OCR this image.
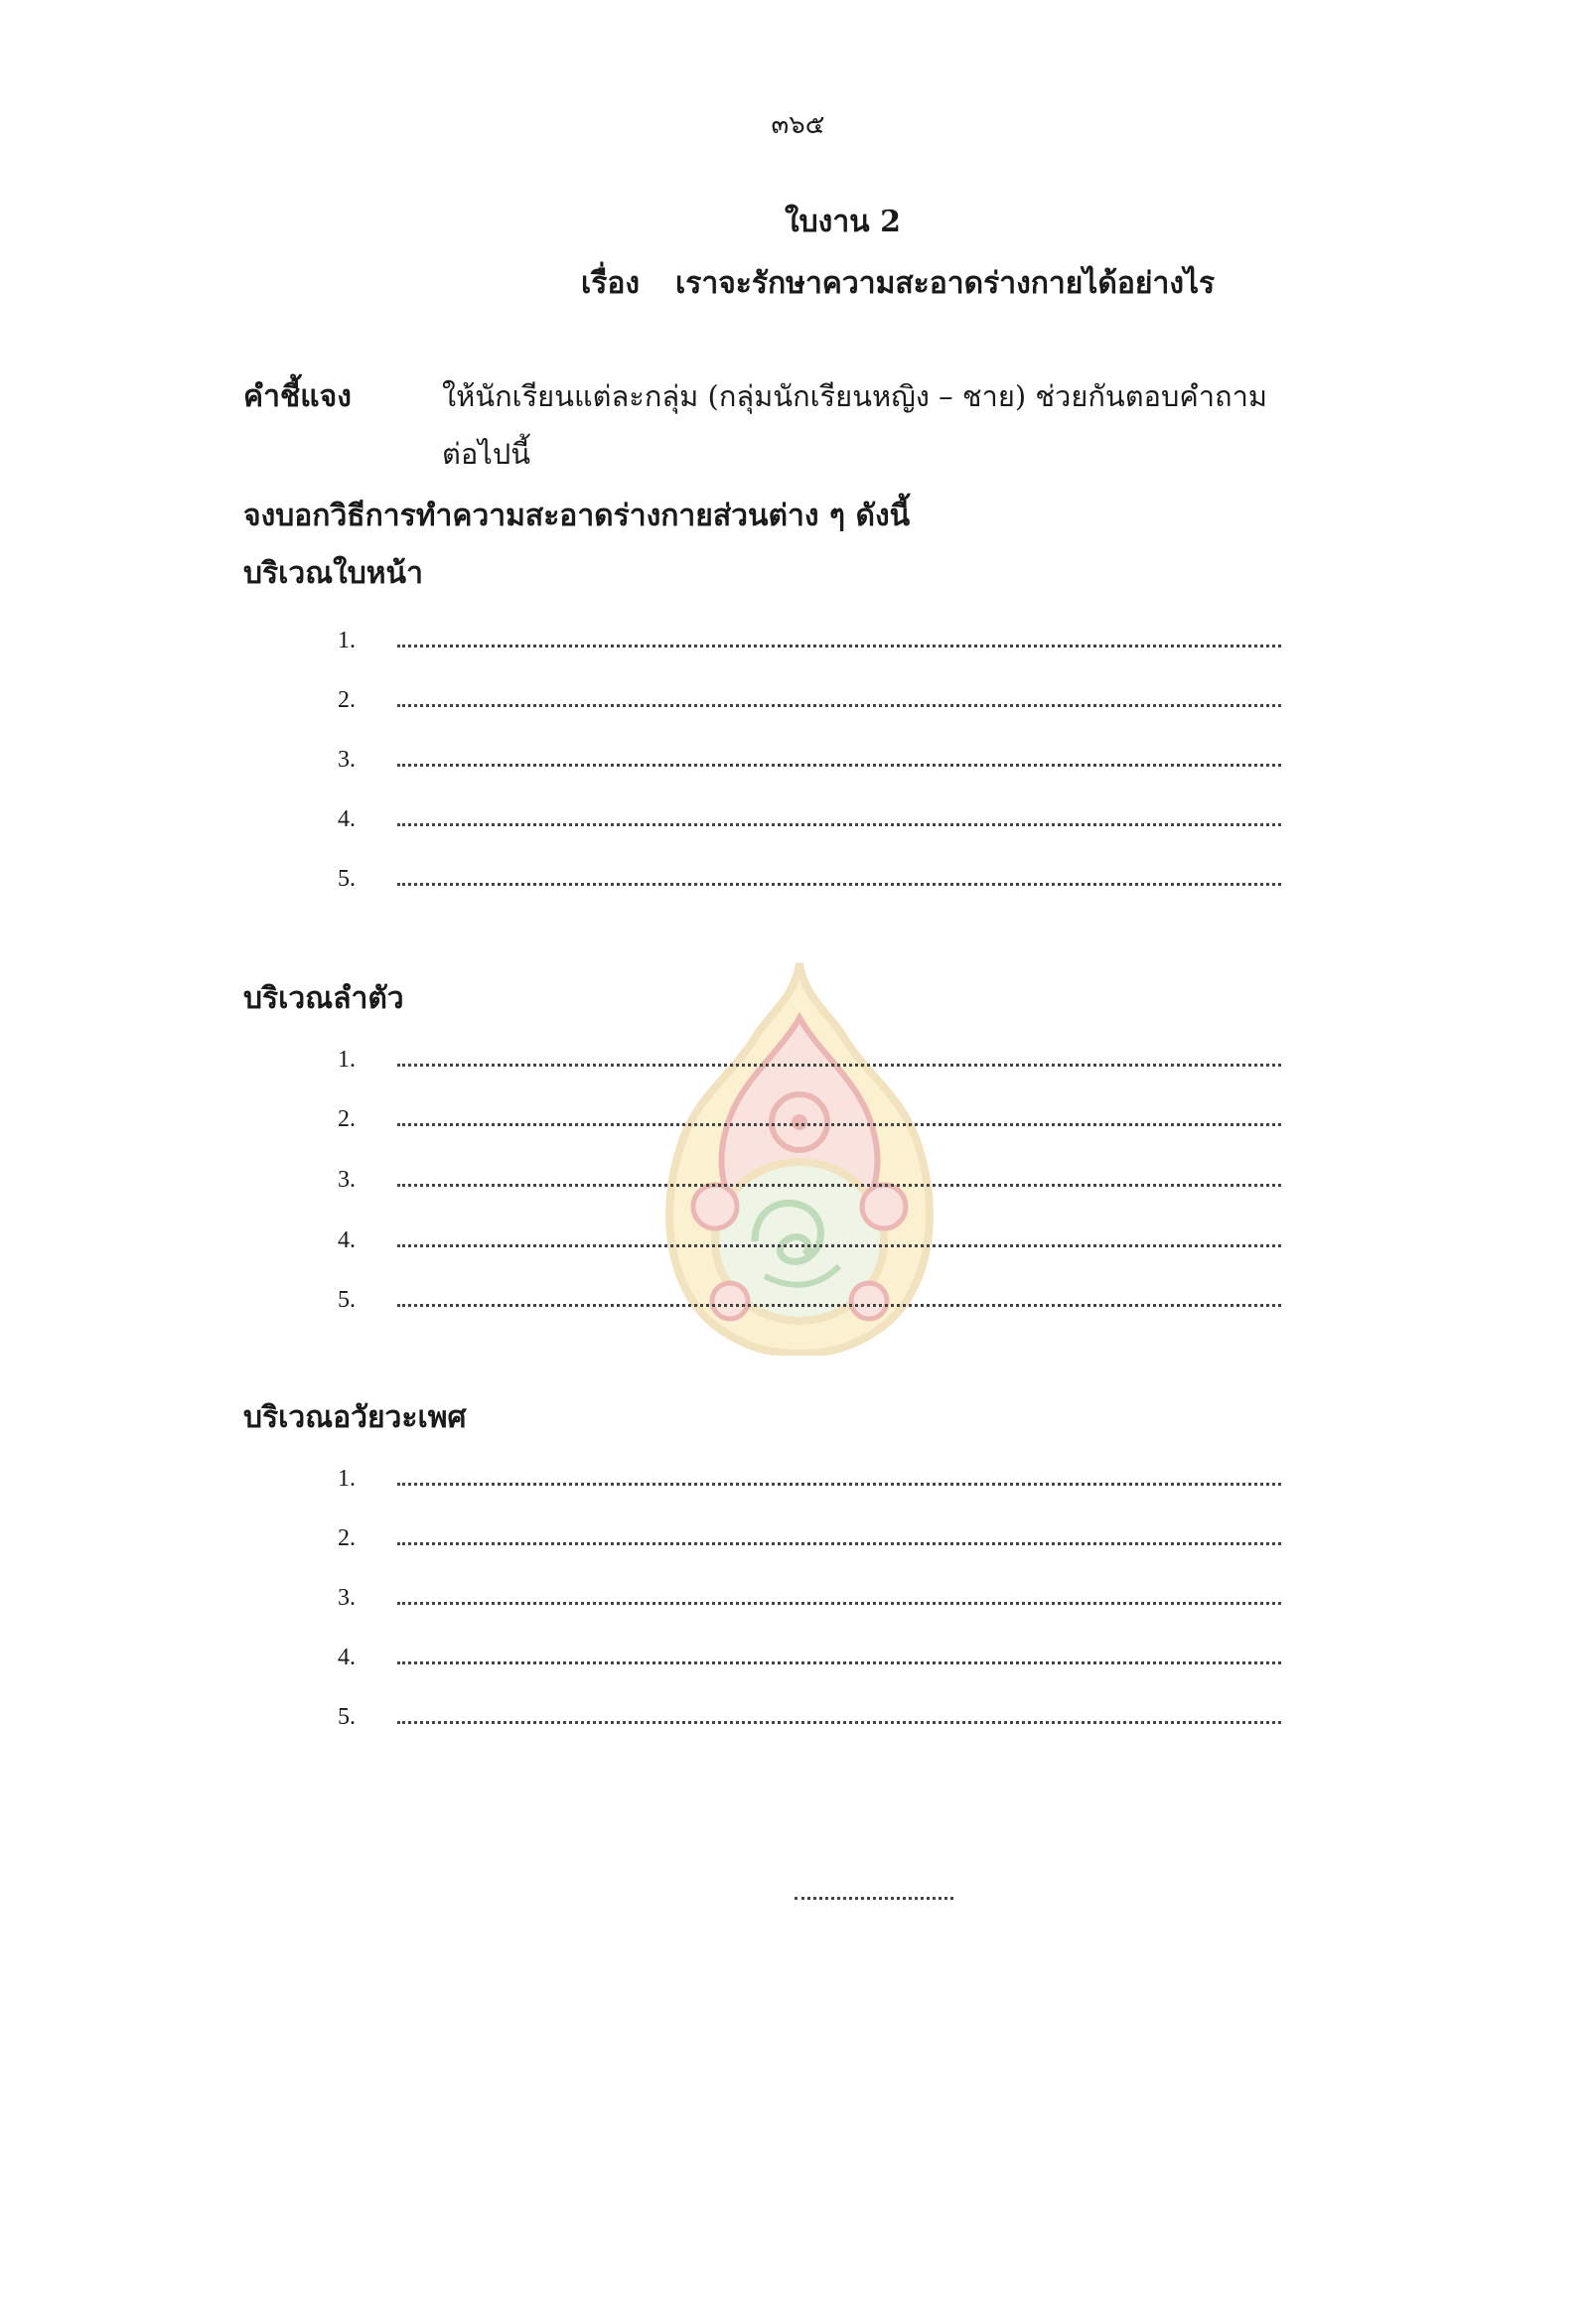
๓๖๕
ใบงาน 2
เรื่อง เราจะรักษาความสะอาดร่างกายได้อย่างไร
คำชี้แจง	ให้นักเรียนแต่ละกลุ่ม (กลุ่มนักเรียนหญิง – ชาย) ช่วยกันตอบคำถาม
ต่อไปนี้
จงบอกวิธีการทำความสะอาดร่างกายส่วนต่าง ๆ ดังนี้
บริเวณใบหน้า
1.
2.
3.
4.
5.
บริเวณลำตัว
1.
2.
3.
4.
5.
บริเวณอวัยวะเพศ
1.
2.
3.
4.
5.
